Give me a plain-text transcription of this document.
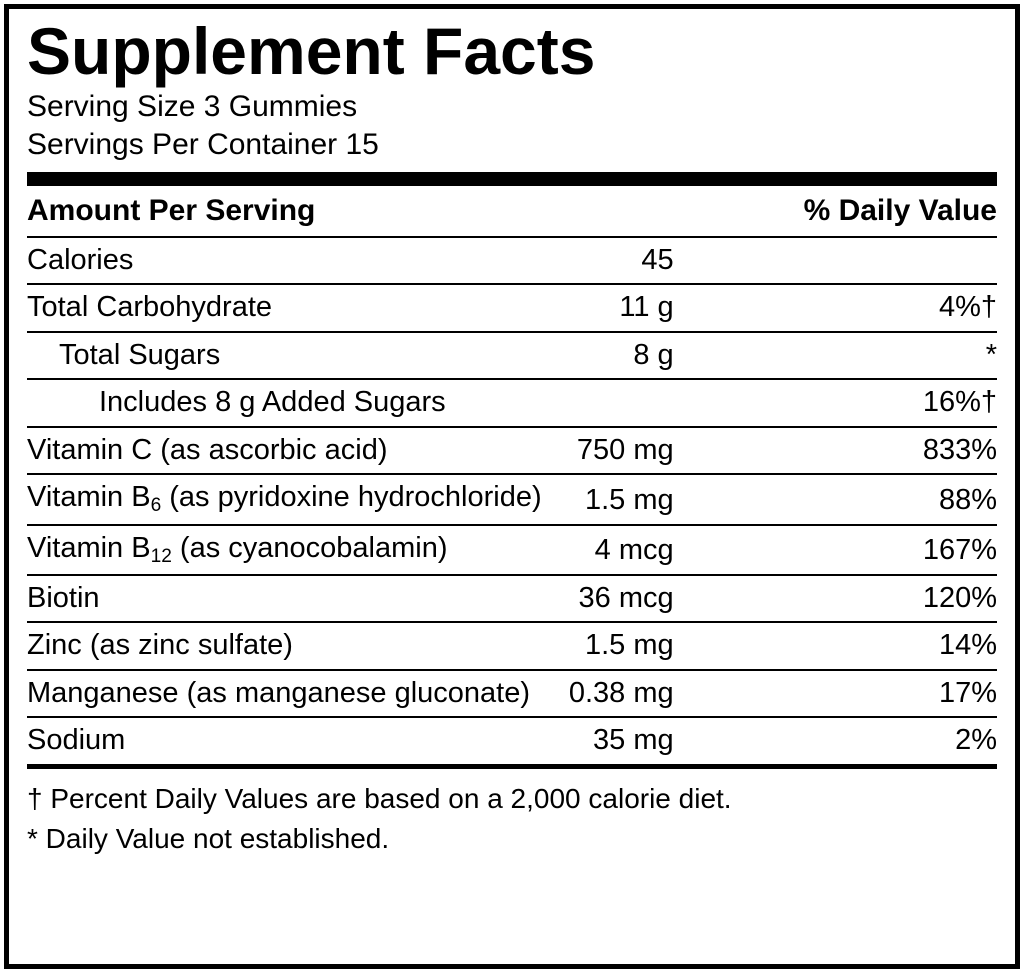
Supplement Facts
Serving Size 3 Gummies
Servings Per Container 15
Amount Per Serving	% Daily Value	
Calories	45	
Total Carbohydrate	11 g	4%†
Total Sugars	8 g	*
Includes 8 g Added Sugars		16%†
Vitamin C (as ascorbic acid)	750 mg	833%
Vitamin $B_6$ (as pyridoxine hydrochloride)	1.5 mg	88%
Vitamin $B_{12}$ (as cyanocobalamin)	4 mcg	167%
Biotin	36 mcg	120%
Zinc (as zinc sulfate)	1.5 mg	14%
Manganese (as manganese gluconate)	0.38 mg	17%
Sodium	35 mg	2%
† Percent Daily Values are based on a 2,000 calorie diet.
* Daily Value not established.
